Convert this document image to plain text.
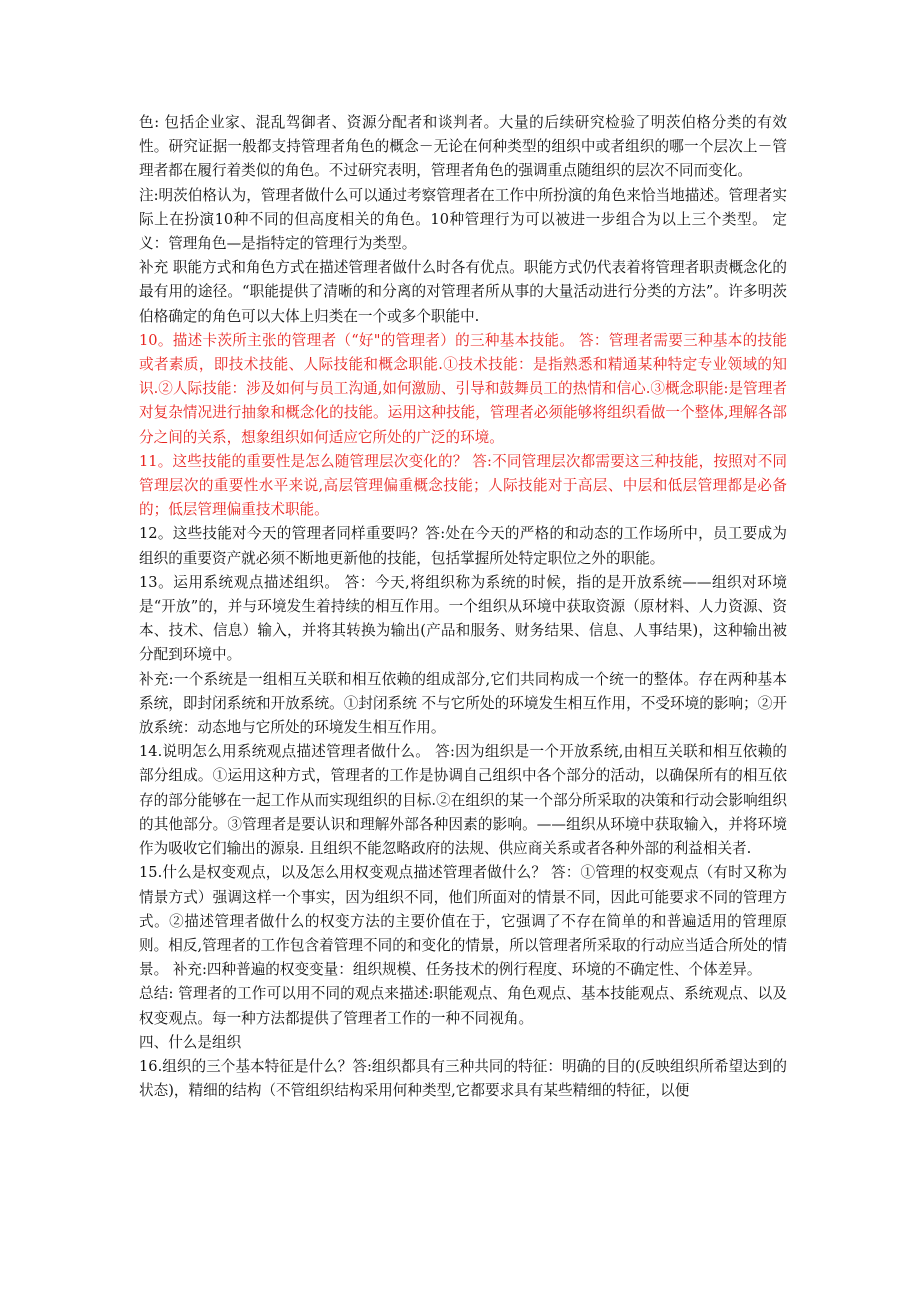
色: 包括企业家、混乱驾御者、资源分配者和谈判者。大量的后续研究检验了明茨伯格分类的有效性。研究证据一般都支持管理者角色的概念－无论在何种类型的组织中或者组织的哪一个层次上－管理者都在履行着类似的角色。不过研究表明，管理者角色的强调重点随组织的层次不同而变化。

注:明茨伯格认为，管理者做什么可以通过考察管理者在工作中所扮演的角色来恰当地描述。管理者实际上在扮演10种不同的但高度相关的角色。10种管理行为可以被进一步组合为以上三个类型。 定义：管理角色—是指特定的管理行为类型。

补充 职能方式和角色方式在描述管理者做什么时各有优点。职能方式仍代表着将管理者职责概念化的最有用的途径。“职能提供了清晰的和分离的对管理者所从事的大量活动进行分类的方法”。许多明茨伯格确定的角色可以大体上归类在一个或多个职能中.

10。描述卡茨所主张的管理者（“好"的管理者）的三种基本技能。 答：管理者需要三种基本的技能或者素质，即技术技能、人际技能和概念职能.①技术技能：是指熟悉和精通某种特定专业领域的知识.②人际技能：涉及如何与员工沟通,如何激励、引导和鼓舞员工的热情和信心.③概念职能:是管理者对复杂情况进行抽象和概念化的技能。运用这种技能，管理者必须能够将组织看做一个整体,理解各部分之间的关系，想象组织如何适应它所处的广泛的环境。

11。这些技能的重要性是怎么随管理层次变化的？ 答:不同管理层次都需要这三种技能，按照对不同管理层次的重要性水平来说,高层管理偏重概念技能；人际技能对于高层、中层和低层管理都是必备的；低层管理偏重技术职能。

12。这些技能对今天的管理者同样重要吗？答:处在今天的严格的和动态的工作场所中，员工要成为组织的重要资产就必须不断地更新他的技能，包括掌握所处特定职位之外的职能。

13。运用系统观点描述组织。 答：今天,将组织称为系统的时候，指的是开放系统——组织对环境是“开放”的，并与环境发生着持续的相互作用。一个组织从环境中获取资源（原材料、人力资源、资本、技术、信息）输入，并将其转换为输出(产品和服务、财务结果、信息、人事结果)，这种输出被分配到环境中。

补充:一个系统是一组相互关联和相互依赖的组成部分,它们共同构成一个统一的整体。存在两种基本系统，即封闭系统和开放系统。①封闭系统 不与它所处的环境发生相互作用，不受环境的影响；②开放系统：动态地与它所处的环境发生相互作用。

14.说明怎么用系统观点描述管理者做什么。 答:因为组织是一个开放系统,由相互关联和相互依赖的部分组成。①运用这种方式，管理者的工作是协调自己组织中各个部分的活动，以确保所有的相互依存的部分能够在一起工作从而实现组织的目标.②在组织的某一个部分所采取的决策和行动会影响组织的其他部分。③管理者是要认识和理解外部各种因素的影响。——组织从环境中获取输入，并将环境作为吸收它们输出的源泉. 且组织不能忽略政府的法规、供应商关系或者各种外部的利益相关者.

15.什么是权变观点，以及怎么用权变观点描述管理者做什么？ 答：①管理的权变观点（有时又称为情景方式）强调这样一个事实，因为组织不同，他们所面对的情景不同，因此可能要求不同的管理方式。②描述管理者做什么的权变方法的主要价值在于，它强调了不存在简单的和普遍适用的管理原则。相反,管理者的工作包含着管理不同的和变化的情景，所以管理者所采取的行动应当适合所处的情景。 补充:四种普遍的权变变量：组织规模、任务技术的例行程度、环境的不确定性、个体差异。

总结: 管理者的工作可以用不同的观点来描述:职能观点、角色观点、基本技能观点、系统观点、以及权变观点。每一种方法都提供了管理者工作的一种不同视角。

四、什么是组织

16.组织的三个基本特征是什么？答:组织都具有三种共同的特征：明确的目的(反映组织所希望达到的状态)，精细的结构（不管组织结构采用何种类型,它都要求具有某些精细的特征，以便
